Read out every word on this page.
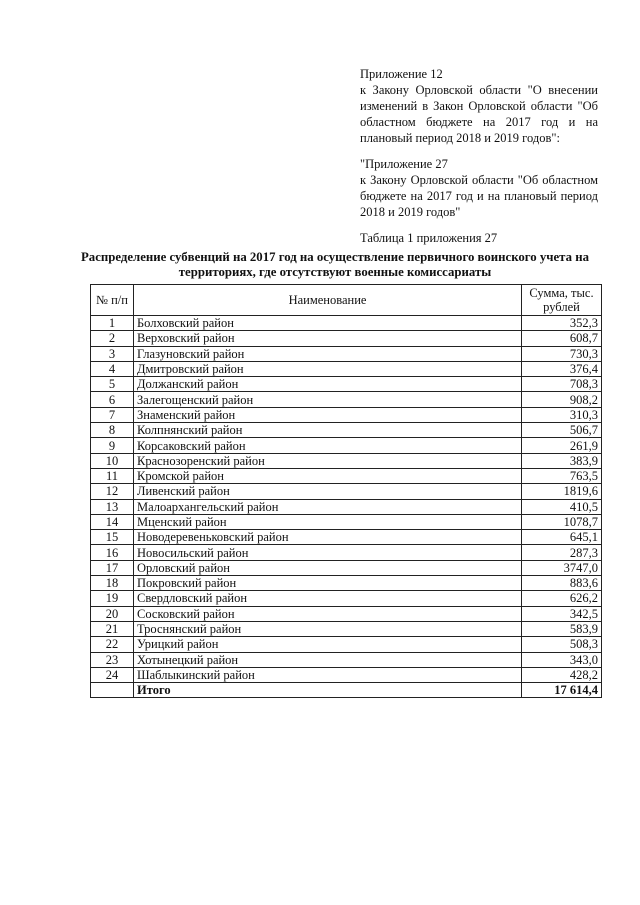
Приложение 12

к Закону Орловской области "О внесении изменений в Закон Орловской области "Об областном бюджете на 2017 год и на плановый период 2018 и 2019 годов":

"Приложение 27

к Закону Орловской области "Об областном бюджете на 2017 год и на плановый период 2018 и 2019 годов"

Таблица 1 приложения 27

Распределение субвенций на 2017 год на осуществление первичного воинского учета на территориях, где отсутствуют военные комиссариаты
№ п/п	Наименование	Сумма, тыс. рублей
1	Болховский район	352,3
2	Верховский район	608,7
3	Глазуновский район	730,3
4	Дмитровский район	376,4
5	Должанский район	708,3
6	Залегощенский район	908,2
7	Знаменский район	310,3
8	Колпнянский район	506,7
9	Корсаковский район	261,9
10	Краснозоренский район	383,9
11	Кромской район	763,5
12	Ливенский район	1819,6
13	Малоархангельский район	410,5
14	Мценский район	1078,7
15	Новодеревеньковский район	645,1
16	Новосильский район	287,3
17	Орловский район	3747,0
18	Покровский район	883,6
19	Свердловский район	626,2
20	Сосковский район	342,5
21	Троснянский район	583,9
22	Урицкий район	508,3
23	Хотынецкий район	343,0
24	Шаблыкинский район	428,2
	Итого	17 614,4
